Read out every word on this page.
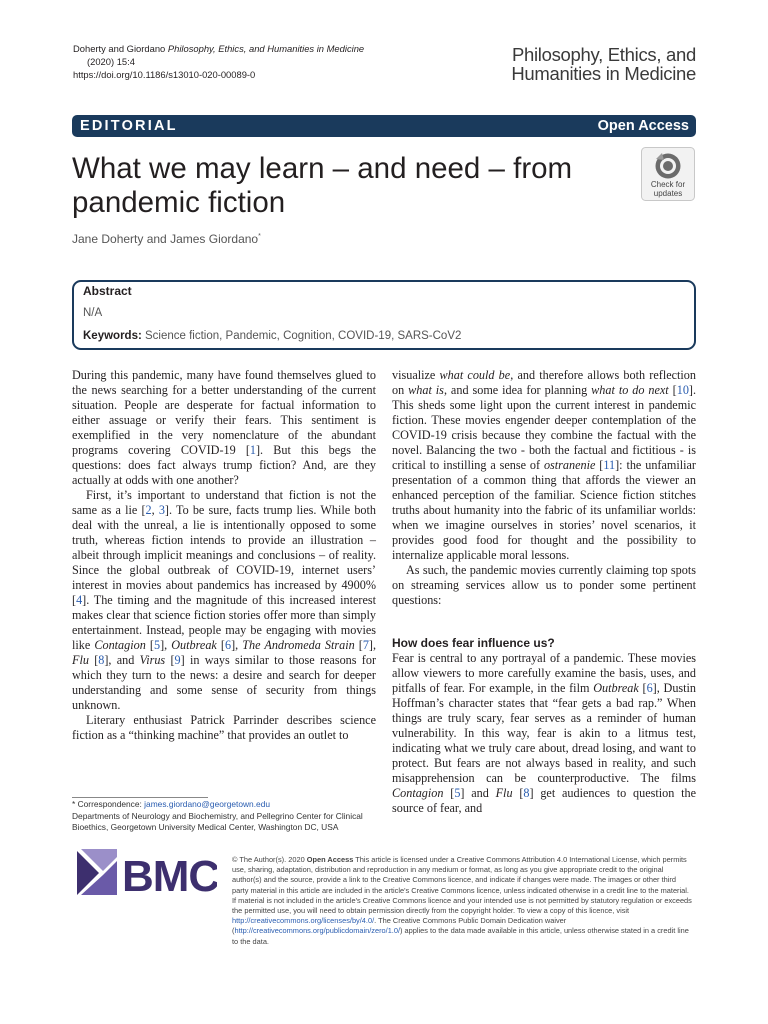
Doherty and Giordano Philosophy, Ethics, and Humanities in Medicine
(2020) 15:4
https://doi.org/10.1186/s13010-020-00089-0
Philosophy, Ethics, and
Humanities in Medicine
EDITORIAL	Open Access
What we may learn – and need – from pandemic fiction
Check for
updates
Jane Doherty and James Giordano*
Abstract
N/A
Keywords: Science fiction, Pandemic, Cognition, COVID-19, SARS-CoV2

During this pandemic, many have found themselves glued to the news searching for a better understanding of the current situation. People are desperate for factual information to either assuage or verify their fears. This sentiment is exemplified in the very nomenclature of the abundant programs covering COVID-19 [1]. But this begs the questions: does fact always trump fiction? And, are they actually at odds with one another?

First, it’s important to understand that fiction is not the same as a lie [2, 3]. To be sure, facts trump lies. While both deal with the unreal, a lie is intentionally opposed to some truth, whereas fiction intends to provide an illustration – albeit through implicit meanings and conclusions – of reality. Since the global outbreak of COVID-19, internet users’ interest in movies about pandemics has increased by 4900% [4]. The timing and the magnitude of this increased interest makes clear that science fiction stories offer more than simply entertainment. Instead, people may be engaging with movies like Contagion [5], Outbreak [6], The Andromeda Strain [7], Flu [8], and Virus [9] in ways similar to those reasons for which they turn to the news: a desire and search for deeper understanding and some sense of security from things unknown.

Literary enthusiast Patrick Parrinder describes science fiction as a “thinking machine” that provides an outlet to

visualize what could be, and therefore allows both reflection on what is, and some idea for planning what to do next [10]. This sheds some light upon the current interest in pandemic fiction. These movies engender deeper contemplation of the COVID-19 crisis because they combine the factual with the novel. Balancing the two - both the factual and fictitious - is critical to instilling a sense of ostranenie [11]: the unfamiliar presentation of a common thing that affords the viewer an enhanced perception of the familiar. Science fiction stitches truths about humanity into the fabric of its unfamiliar worlds: when we imagine ourselves in stories’ novel scenarios, it provides good food for thought and the possibility to internalize applicable moral lessons.

As such, the pandemic movies currently claiming top spots on streaming services allow us to ponder some pertinent questions:

How does fear influence us?

Fear is central to any portrayal of a pandemic. These movies allow viewers to more carefully examine the basis, uses, and pitfalls of fear. For example, in the film Outbreak [6], Dustin Hoffman’s character states that “fear gets a bad rap.” When things are truly scary, fear serves as a reminder of human vulnerability. In this way, fear is akin to a litmus test, indicating what we truly care about, dread losing, and want to protect. But fears are not always based in reality, and such misapprehension can be counterproductive. The films Contagion [5] and Flu [8] get audiences to question the source of fear, and

* Correspondence: james.giordano@georgetown.edu
Departments of Neurology and Biochemistry, and Pellegrino Center for Clinical Bioethics, Georgetown University Medical Center, Washington DC, USA
BMC © The Author(s). 2020 Open Access This article is licensed under a Creative Commons Attribution 4.0 International License, which permits use, sharing, adaptation, distribution and reproduction in any medium or format, as long as you give appropriate credit to the original author(s) and the source, provide a link to the Creative Commons licence, and indicate if changes were made. The images or other third party material in this article are included in the article's Creative Commons licence, unless indicated otherwise in a credit line to the material. If material is not included in the article's Creative Commons licence and your intended use is not permitted by statutory regulation or exceeds the permitted use, you will need to obtain permission directly from the copyright holder. To view a copy of this licence, visit http://creativecommons.org/licenses/by/4.0/. The Creative Commons Public Domain Dedication waiver (http://creativecommons.org/publicdomain/zero/1.0/) applies to the data made available in this article, unless otherwise stated in a credit line to the data.
